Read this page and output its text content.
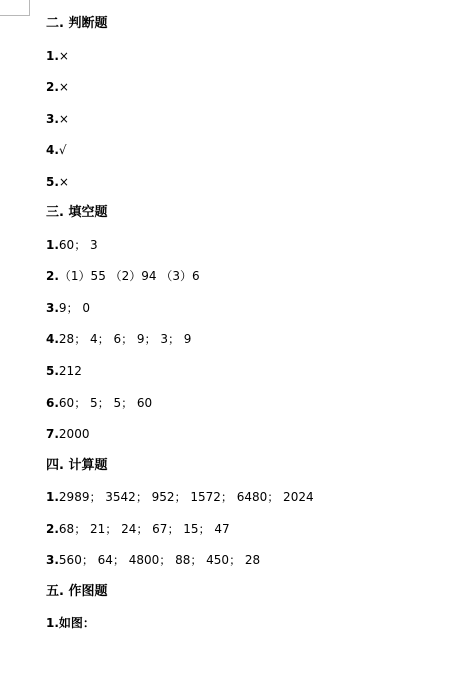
二. 判断题
1.×
2.×
3.×
4.√
5.×
三. 填空题
1.60； 3
2.（1）55 （2）94 （3）6
3.9； 0
4.28； 4； 6； 9； 3； 9
5.212
6.60； 5； 5； 60
7.2000
四. 计算题
1.2989； 3542； 952； 1572； 6480； 2024
2.68； 21； 24； 67； 15； 47
3.560； 64； 4800； 88； 450； 28
五. 作图题
1.如图：
